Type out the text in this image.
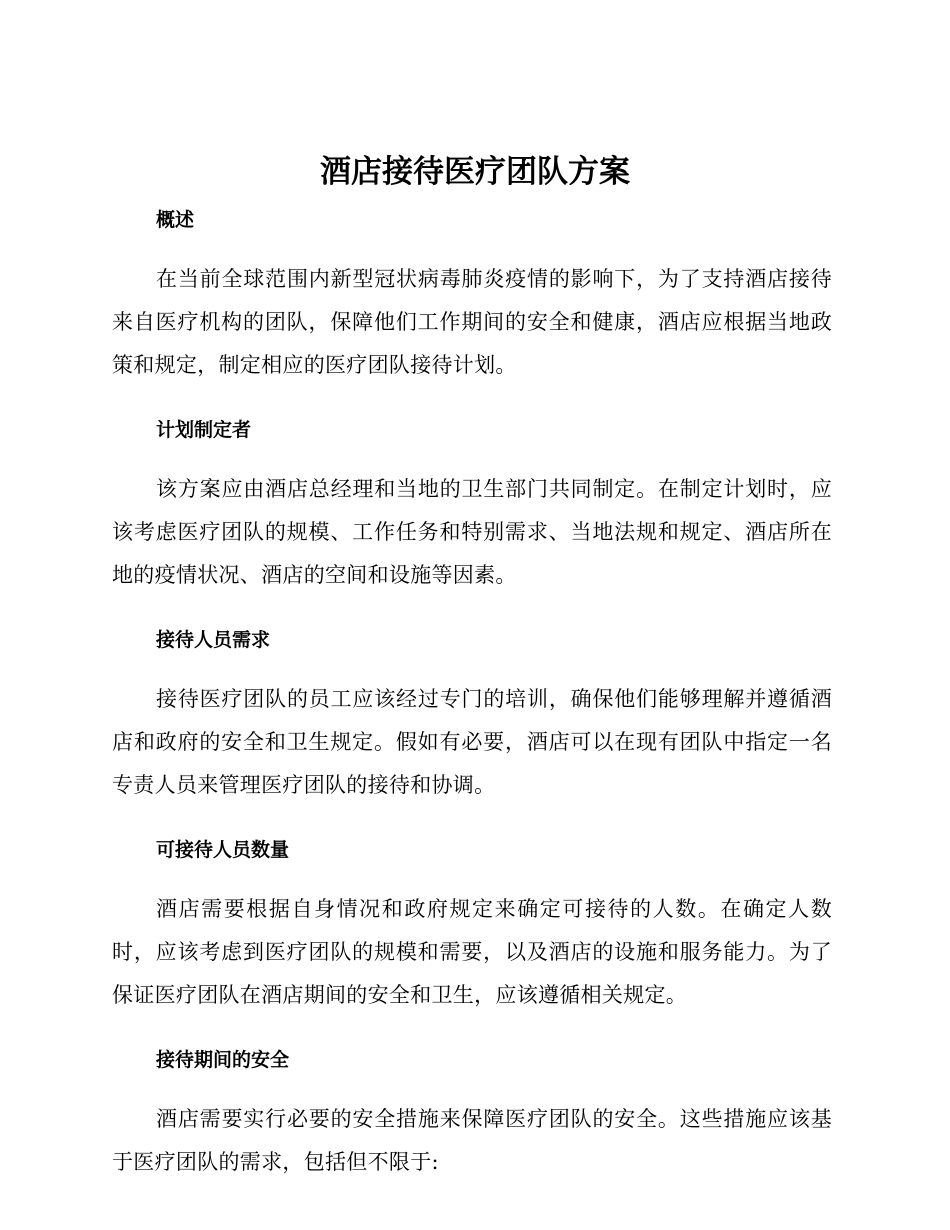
酒店接待医疗团队方案
概述

在当前全球范围内新型冠状病毒肺炎疫情的影响下，为了支持酒店接待来自医疗机构的团队，保障他们工作期间的安全和健康，酒店应根据当地政策和规定，制定相应的医疗团队接待计划。

计划制定者

该方案应由酒店总经理和当地的卫生部门共同制定。在制定计划时，应该考虑医疗团队的规模、工作任务和特别需求、当地法规和规定、酒店所在地的疫情状况、酒店的空间和设施等因素。

接待人员需求

接待医疗团队的员工应该经过专门的培训，确保他们能够理解并遵循酒店和政府的安全和卫生规定。假如有必要，酒店可以在现有团队中指定一名专责人员来管理医疗团队的接待和协调。

可接待人员数量

酒店需要根据自身情况和政府规定来确定可接待的人数。在确定人数时，应该考虑到医疗团队的规模和需要，以及酒店的设施和服务能力。为了保证医疗团队在酒店期间的安全和卫生，应该遵循相关规定。

接待期间的安全

酒店需要实行必要的安全措施来保障医疗团队的安全。这些措施应该基于医疗团队的需求，包括但不限于:
